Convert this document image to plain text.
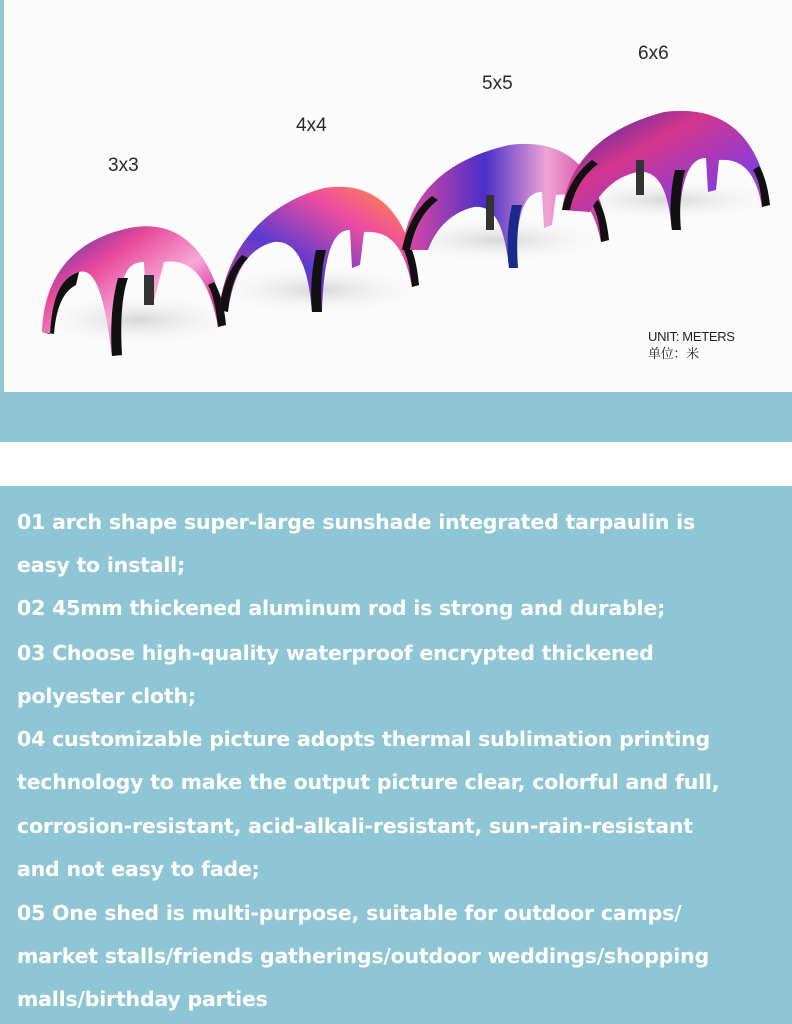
3x3
4x4
5x5
6x6
UNIT: METERS
单位：米
01 arch shape super-large sunshade integrated tarpaulin is
easy to install;
02 45mm thickened aluminum rod is strong and durable;
03 Choose high-quality waterproof encrypted thickened
polyester cloth;
04 customizable picture adopts thermal sublimation printing
technology to make the output picture clear, colorful and full,
corrosion-resistant, acid-alkali-resistant, sun-rain-resistant
and not easy to fade;
05 One shed is multi-purpose, suitable for outdoor camps/
market stalls/friends gatherings/outdoor weddings/shopping
malls/birthday parties
